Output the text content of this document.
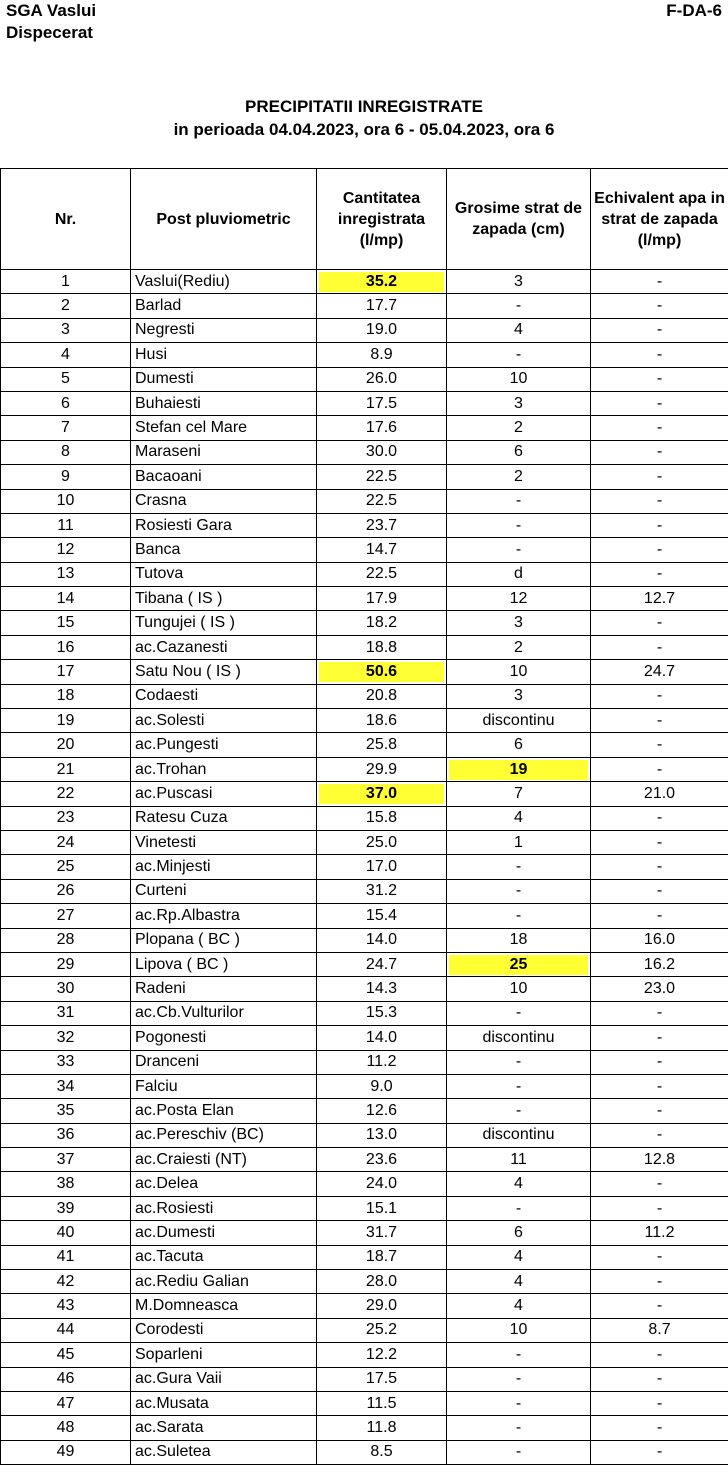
SGA Vaslui
Dispecerat
F-DA-6
PRECIPITATII INREGISTRATE
in perioada 04.04.2023, ora 6 - 05.04.2023, ora 6
Nr.	Post pluviometric	Cantitatea inregistrata (l/mp)	Grosime strat de zapada (cm)	Echivalent apa in strat de zapada (l/mp)
1	Vaslui(Rediu)	35.2	3	-
2	Barlad	17.7	-	-
3	Negresti	19.0	4	-
4	Husi	8.9	-	-
5	Dumesti	26.0	10	-
6	Buhaiesti	17.5	3	-
7	Stefan cel Mare	17.6	2	-
8	Maraseni	30.0	6	-
9	Bacaoani	22.5	2	-
10	Crasna	22.5	-	-
11	Rosiesti Gara	23.7	-	-
12	Banca	14.7	-	-
13	Tutova	22.5	d	-
14	Tibana ( IS )	17.9	12	12.7
15	Tungujei ( IS )	18.2	3	-
16	ac.Cazanesti	18.8	2	-
17	Satu Nou ( IS )	50.6	10	24.7
18	Codaesti	20.8	3	-
19	ac.Solesti	18.6	discontinu	-
20	ac.Pungesti	25.8	6	-
21	ac.Trohan	29.9	19	-
22	ac.Puscasi	37.0	7	21.0
23	Ratesu Cuza	15.8	4	-
24	Vinetesti	25.0	1	-
25	ac.Minjesti	17.0	-	-
26	Curteni	31.2	-	-
27	ac.Rp.Albastra	15.4	-	-
28	Plopana ( BC )	14.0	18	16.0
29	Lipova ( BC )	24.7	25	16.2
30	Radeni	14.3	10	23.0
31	ac.Cb.Vulturilor	15.3	-	-
32	Pogonesti	14.0	discontinu	-
33	Dranceni	11.2	-	-
34	Falciu	9.0	-	-
35	ac.Posta Elan	12.6	-	-
36	ac.Pereschiv (BC)	13.0	discontinu	-
37	ac.Craiesti (NT)	23.6	11	12.8
38	ac.Delea	24.0	4	-
39	ac.Rosiesti	15.1	-	-
40	ac.Dumesti	31.7	6	11.2
41	ac.Tacuta	18.7	4	-
42	ac.Rediu Galian	28.0	4	-
43	M.Domneasca	29.0	4	-
44	Corodesti	25.2	10	8.7
45	Soparleni	12.2	-	-
46	ac.Gura Vaii	17.5	-	-
47	ac.Musata	11.5	-	-
48	ac.Sarata	11.8	-	-
49	ac.Suletea	8.5	-	-
